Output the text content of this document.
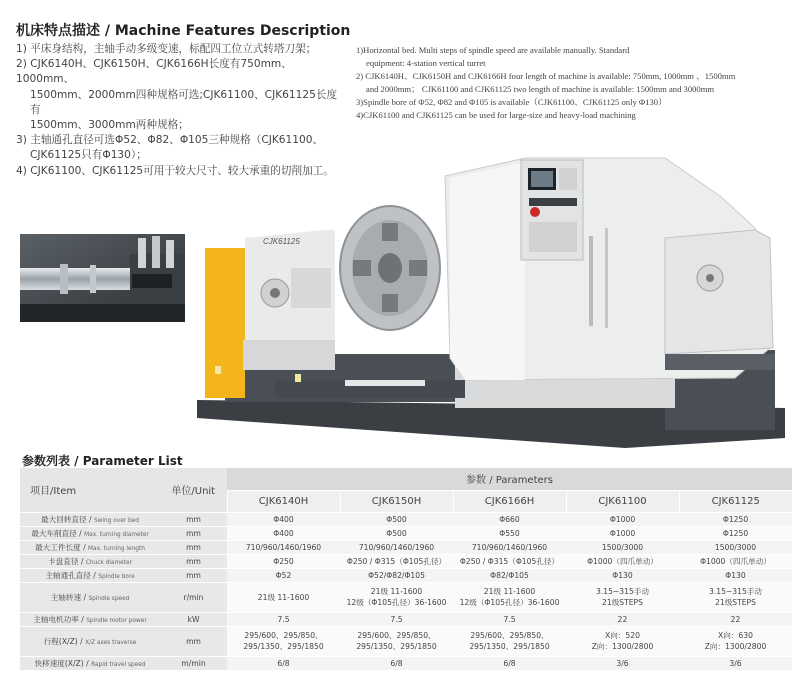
机床特点描述 / Machine Features Description
1) 平床身结构，主轴手动多级变速，标配四工位立式转塔刀架；
2) CJK6140H、CJK6150H、CJK6166H长度有750mm、1000mm、
1500mm、2000mm四种规格可选;CJK61100、CJK61125长度有
1500mm、3000mm两种规格；
3) 主轴通孔直径可选Φ52、Φ82、Φ105三种规格（CJK61100、
CJK61125只有Φ130）；
4) CJK61100、CJK61125可用于较大尺寸、较大承重的切削加工。
1)Horizontal bed. Multi steps of spindle speed are available manually. Standard
equipment: 4-station vertical turret
2) CJK6140H、CJK6150H and CJK6166H four length of machine is available: 750mm, 1000mm 、1500mm
and 2000mm； CJK61100 and CJK61125 two length of machine is available: 1500mm and 3000mm
3)Spindle bore of Φ52, Φ82 and Φ105 is available（CJK61100、CJK61125 only Φ130）
4)CJK61100 and CJK61125 can be used for large-size and heavy-load machining
CJK61125
参数列表 / Parameter List
项目/Item	单位/Unit	参数 / Parameters				
		CJK6140H	CJK6150H	CJK6166H	CJK61100	CJK61125
最大回转直径 / Swing over bed	mm	Φ400	Φ500	Φ660	Φ1000	Φ1250

最大车削直径 / Max. turning diameter	mm	Φ400	Φ500	Φ550	Φ1000	Φ1250

最大工件长度 / Max. turning length	mm	710/960/1460/1960	710/960/1460/1960	710/960/1460/1960	1500/3000	1500/3000

卡盘直径 / Chuck diameter	mm	Φ250	Φ250 / Φ315（Φ105孔径）	Φ250 / Φ315（Φ105孔径）	Φ1000（四爪单动）	Φ1000（四爪单动）

主轴通孔直径 / Spindle bore	mm	Φ52	Φ52/Φ82/Φ105	Φ82/Φ105	Φ130	Φ130

主轴转速 / Spindle speed	r/min	21级 11-1600	21级 11-1600
12级（Φ105孔径）36-1600	21级 11-1600
12级（Φ105孔径）36-1600	3.15~315手动
21级STEPS	3.15~315手动
21级STEPS

主轴电机功率 / Spindle motor power	kW	7.5	7.5	7.5	22	22

行程(X/Z) / X/Z axes traverse	mm	295/600、295/850、
295/1350、295/1850	295/600、295/850、
295/1350、295/1850	295/600、295/850、
295/1350、295/1850	X向：520
Z向：1300/2800	X向：630
Z向：1300/2800

快移速度(X/Z) / Rapid travel speed	m/min	6/8	6/8	6/8	3/6	3/6
